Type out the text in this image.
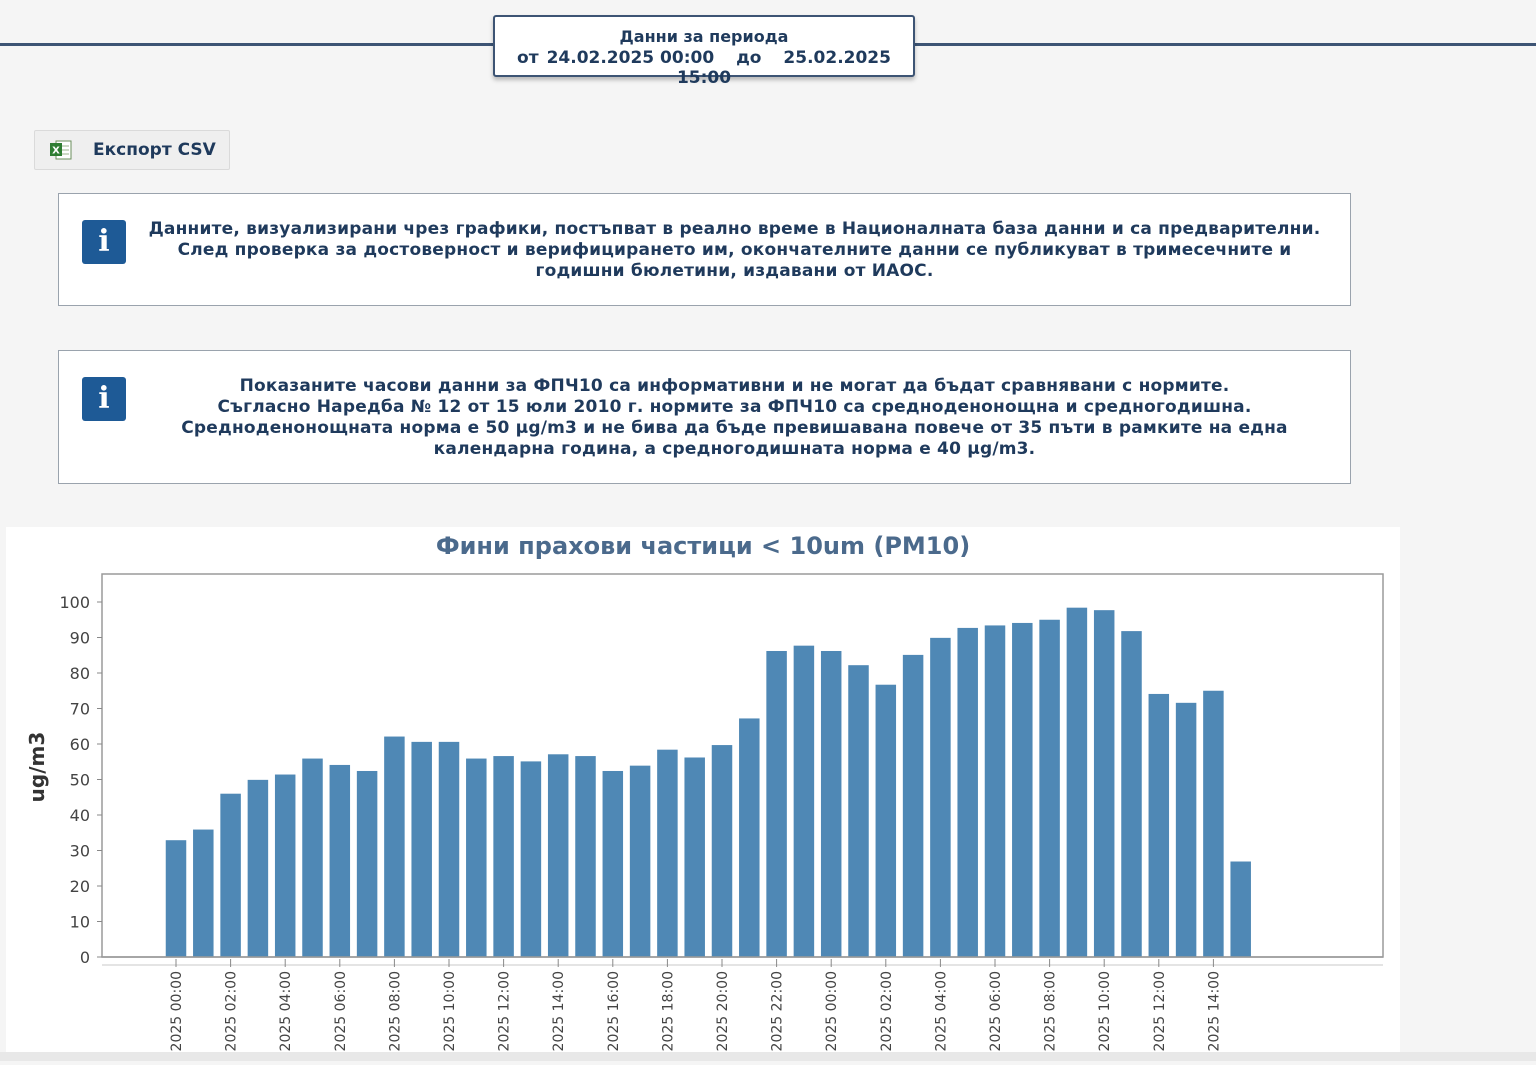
Данни за периода
от 24.02.2025 00:00 до 25.02.2025 15:00
X Експорт CSV
i	Данните, визуализирани чрез графики, постъпват в реално време в Националната база данни и са предварителни.
След проверка за достоверност и верифицирането им, окончателните данни се публикуват в тримесечните и
годишни бюлетини, издавани от ИАОС.
i	Показаните часови данни за ФПЧ10 са информативни и не могат да бъдат сравнявани с нормите.
Съгласно Наредба № 12 от 15 юли 2010 г. нормите за ФПЧ10 са средноденонощна и средногодишна.
Средноденонощната норма е 50 µg/m3 и не бива да бъде превишавана повече от 35 пъти в рамките на една
календарна година, а средногодишната норма е 40 µg/m3.
Фини прахови частици < 10um (PM10)
0
10
20
30
40
50
60
70
80
90
100
ug/m3
2025 00:00	2025 02:00	2025 04:00	2025 06:00	2025 08:00	2025 10:00	2025 12:00	2025 14:00	2025 16:00	2025 18:00	2025 20:00	2025 22:00	2025 00:00	2025 02:00	2025 04:00	2025 06:00	2025 08:00	2025 10:00	2025 12:00	2025 14:00
